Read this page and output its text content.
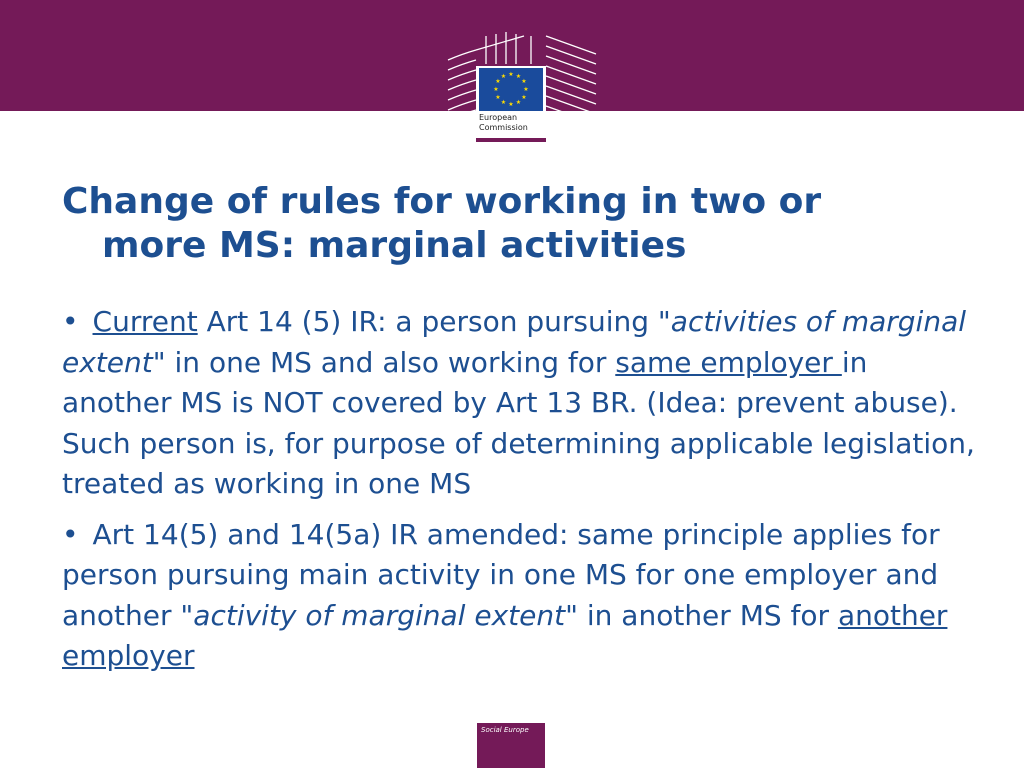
★ ★
★
★
★
★
★
★
★
★
★
★
European
Commission
Change of rules for working in two or
more MS: marginal activities
• Current Art 14 (5) IR: a person pursuing "activities of marginal extent" in one MS and also working for same employer in another MS is NOT covered by Art 13 BR. (Idea: prevent abuse). Such person is, for purpose of determining applicable legislation, treated as working in one MS
• Art 14(5) and 14(5a) IR amended: same principle applies for person pursuing main activity in one MS for one employer and another "activity of marginal extent" in another MS for another employer
Social Europe
